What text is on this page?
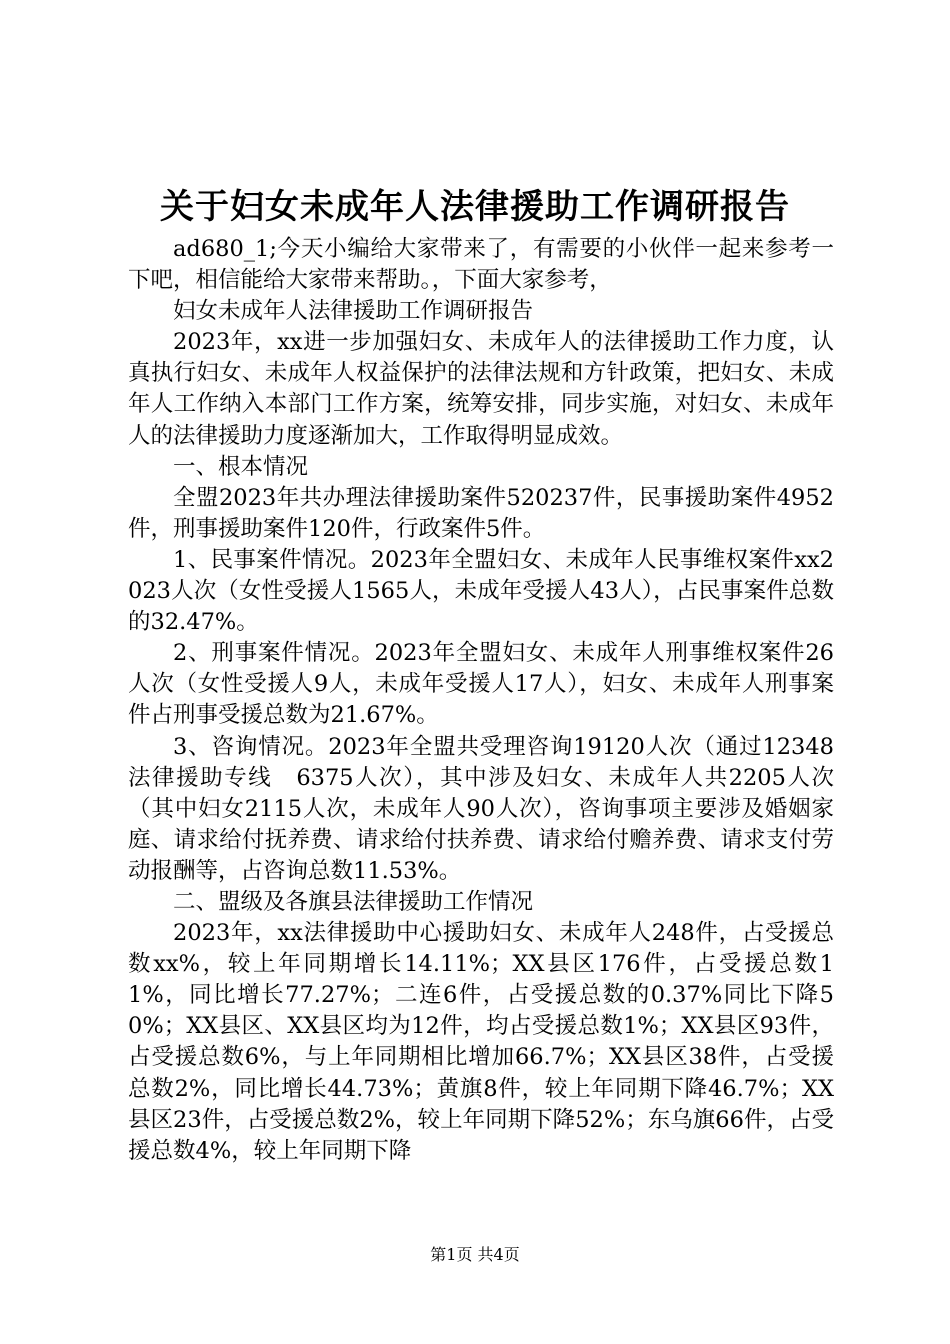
关于妇女未成年人法律援助工作调研报告

ad680_1;今天小编给大家带来了，有需要的小伙伴一起来参考一下吧，相信能给大家带来帮助。，下面大家参考，

妇女未成年人法律援助工作调研报告

2023年，xx进一步加强妇女、未成年人的法律援助工作力度，认真执行妇女、未成年人权益保护的法律法规和方针政策，把妇女、未成年人工作纳入本部门工作方案，统筹安排，同步实施，对妇女、未成年人的法律援助力度逐渐加大，工作取得明显成效。

一、根本情况

全盟2023年共办理法律援助案件520237件，民事援助案件4952件，刑事援助案件120件，行政案件5件。

1、民事案件情况。2023年全盟妇女、未成年人民事维权案件xx2023人次（女性受援人1565人，未成年受援人43人），占民事案件总数的32.47%。

2、刑事案件情况。2023年全盟妇女、未成年人刑事维权案件26人次（女性受援人9人，未成年受援人17人），妇女、未成年人刑事案件占刑事受援总数为21.67%。

3、咨询情况。2023年全盟共受理咨询19120人次（通过12348法律援助专线　6375人次），其中涉及妇女、未成年人共2205人次（其中妇女2115人次，未成年人90人次），咨询事项主要涉及婚姻家庭、请求给付抚养费、请求给付扶养费、请求给付赡养费、请求支付劳动报酬等，占咨询总数11.53%。

二、盟级及各旗县法律援助工作情况

2023年，xx法律援助中心援助妇女、未成年人248件，占受援总数xx%，较上年同期增长14.11%；XX县区176件，占受援总数11%，同比增长77.27%；二连6件，占受援总数的0.37%同比下降50%；XX县区、XX县区均为12件，均占受援总数1%；XX县区93件，占受援总数6%，与上年同期相比增加66.7%；XX县区38件，占受援总数2%，同比增长44.73%；黄旗8件，较上年同期下降46.7%；XX县区23件，占受援总数2%，较上年同期下降52%；东乌旗66件，占受援总数4%，较上年同期下降

第1页 共4页
